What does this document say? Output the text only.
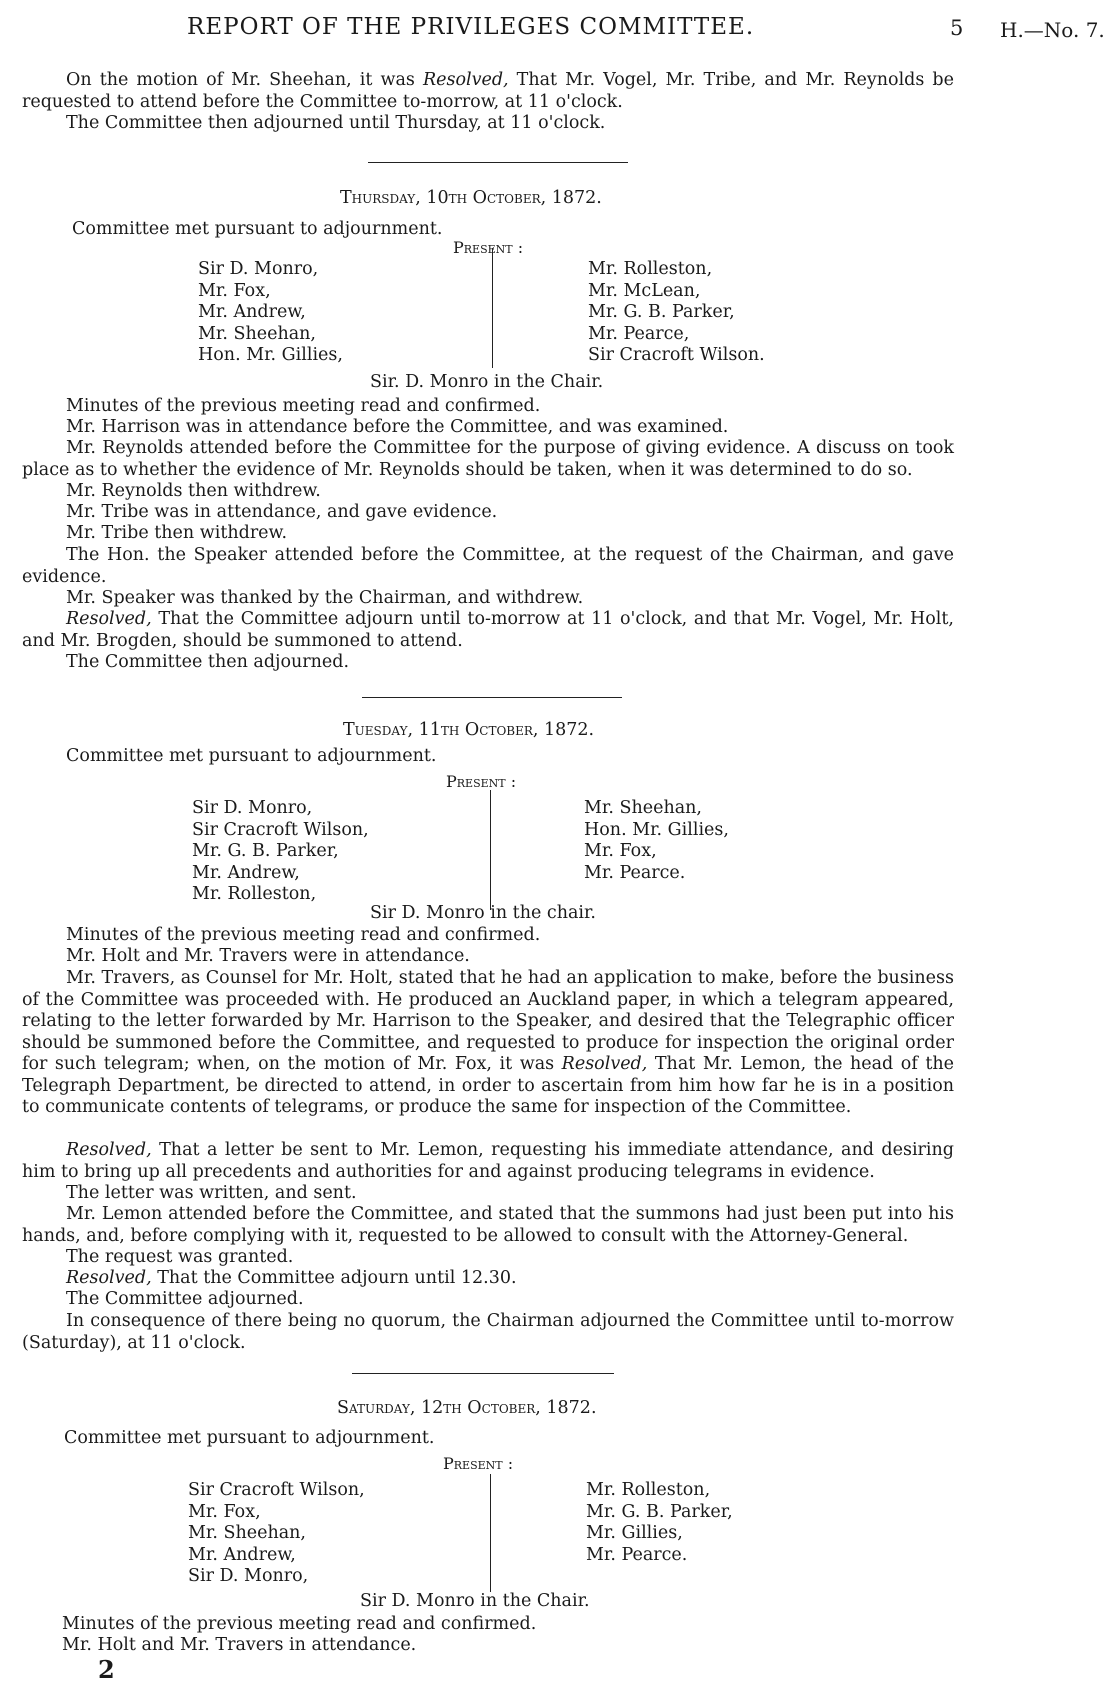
REPORT OF THE PRIVILEGES COMMITTEE.	5 H.—No. 7.

On the motion of Mr. Sheehan, it was Resolved, That Mr. Vogel, Mr. Tribe, and Mr. Reynolds be requested to attend before the Committee to-morrow, at 11 o'clock.

The Committee then adjourned until Thursday, at 11 o'clock.

Thursday, 10th October, 1872.
Committee met pursuant to adjournment.
Present :
Sir D. Monro,
Mr. Fox,
Mr. Andrew,
Mr. Sheehan,
Hon. Mr. Gillies,
Mr. Rolleston,
Mr. McLean,
Mr. G. B. Parker,
Mr. Pearce,
Sir Cracroft Wilson.
Sir. D. Monro in the Chair.

Minutes of the previous meeting read and confirmed.

Mr. Harrison was in attendance before the Committee, and was examined.

Mr. Reynolds attended before the Committee for the purpose of giving evidence. A discuss on took place as to whether the evidence of Mr. Reynolds should be taken, when it was determined to do so.

Mr. Reynolds then withdrew.

Mr. Tribe was in attendance, and gave evidence.

Mr. Tribe then withdrew.

The Hon. the Speaker attended before the Committee, at the request of the Chairman, and gave evidence.

Mr. Speaker was thanked by the Chairman, and withdrew.

Resolved, That the Committee adjourn until to-morrow at 11 o'clock, and that Mr. Vogel, Mr. Holt, and Mr. Brogden, should be summoned to attend.

The Committee then adjourned.

Tuesday, 11th October, 1872.
Committee met pursuant to adjournment.
Present :
Sir D. Monro,
Sir Cracroft Wilson,
Mr. G. B. Parker,
Mr. Andrew,
Mr. Rolleston,
Mr. Sheehan,
Hon. Mr. Gillies,
Mr. Fox,
Mr. Pearce.
Sir D. Monro in the chair.

Minutes of the previous meeting read and confirmed.

Mr. Holt and Mr. Travers were in attendance.

Mr. Travers, as Counsel for Mr. Holt, stated that he had an application to make, before the business of the Committee was proceeded with. He produced an Auckland paper, in which a telegram appeared, relating to the letter forwarded by Mr. Harrison to the Speaker, and desired that the Telegraphic officer should be summoned before the Committee, and requested to produce for inspection the original order for such telegram; when, on the motion of Mr. Fox, it was Resolved, That Mr. Lemon, the head of the Telegraph Department, be directed to attend, in order to ascertain from him how far he is in a position to communicate contents of telegrams, or produce the same for inspection of the Committee.

Resolved, That a letter be sent to Mr. Lemon, requesting his immediate attendance, and desiring him to bring up all precedents and authorities for and against producing telegrams in evidence.

The letter was written, and sent.

Mr. Lemon attended before the Committee, and stated that the summons had just been put into his hands, and, before complying with it, requested to be allowed to consult with the Attorney-General.

The request was granted.

Resolved, That the Committee adjourn until 12.30.

The Committee adjourned.

In consequence of there being no quorum, the Chairman adjourned the Committee until to-morrow (Saturday), at 11 o'clock.

Saturday, 12th October, 1872.
Committee met pursuant to adjournment.
Present :
Sir Cracroft Wilson,
Mr. Fox,
Mr. Sheehan,
Mr. Andrew,
Sir D. Monro,
Mr. Rolleston,
Mr. G. B. Parker,
Mr. Gillies,
Mr. Pearce.
Sir D. Monro in the Chair.

Minutes of the previous meeting read and confirmed.

Mr. Holt and Mr. Travers in attendance.

2
